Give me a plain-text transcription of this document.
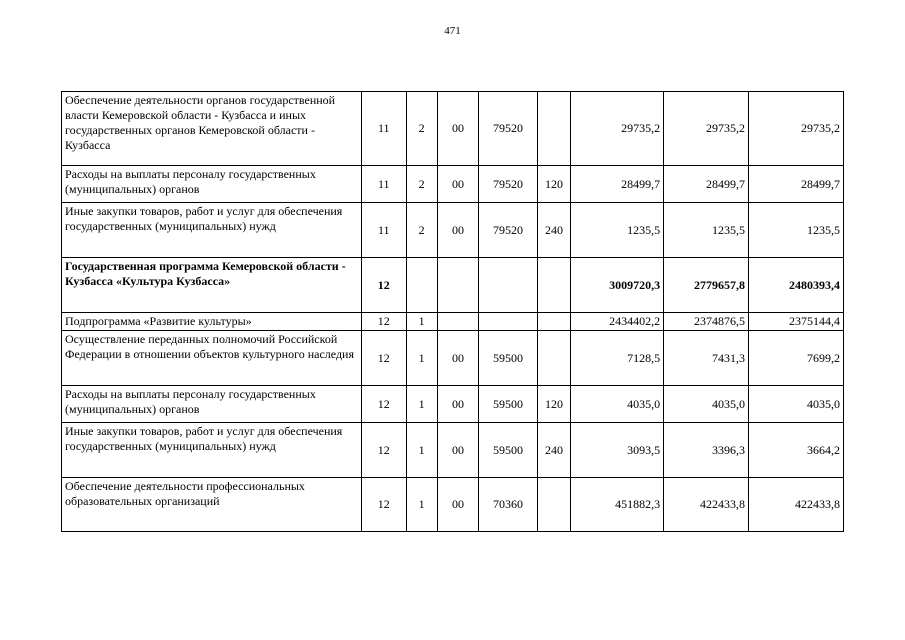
471
Обеспечение деятельности органов государственной власти Кемеровской области - Кузбасса и иных государственных органов Кемеровской области - Кузбасса	11	2	00	79520		29735,2	29735,2	29735,2
Расходы на выплаты персоналу государственных (муниципальных) органов	11	2	00	79520	120	28499,7	28499,7	28499,7
Иные закупки товаров, работ и услуг для обеспечения государственных (муниципальных) нужд	11	2	00	79520	240	1235,5	1235,5	1235,5
Государственная программа Кемеровской области - Кузбасса «Культура Кузбасса»	12					3009720,3	2779657,8	2480393,4
Подпрограмма «Развитие культуры»	12	1				2434402,2	2374876,5	2375144,4
Осуществление переданных полномочий Российской Федерации в отношении объектов культурного наследия	12	1	00	59500		7128,5	7431,3	7699,2
Расходы на выплаты персоналу государственных (муниципальных) органов	12	1	00	59500	120	4035,0	4035,0	4035,0
Иные закупки товаров, работ и услуг для обеспечения государственных (муниципальных) нужд	12	1	00	59500	240	3093,5	3396,3	3664,2
Обеспечение деятельности профессиональных образовательных организаций	12	1	00	70360		451882,3	422433,8	422433,8
